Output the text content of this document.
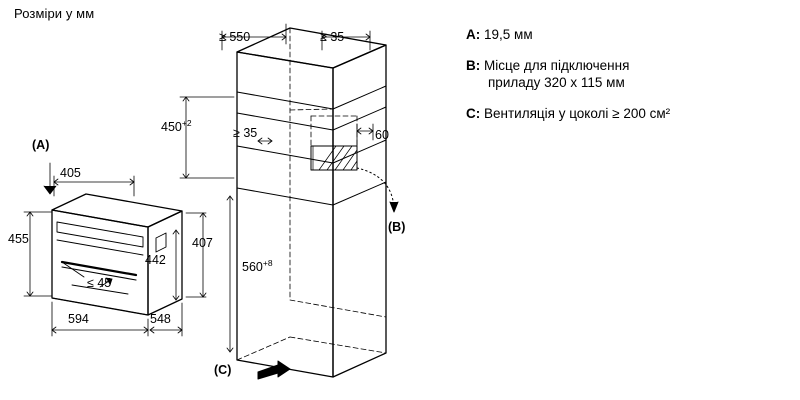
Розміри у мм
(A)
405
455
≤ 45
594	548
442
407
≥ 550	≥ 35
$450^{+2}$
≥ 35	60
(B)
$560^{+8}$
(C)
A: 19,5 мм
B: Місце для підключення
приладу 320 x 115 мм
C: Вентиляція у цоколі ≥ 200 см²
